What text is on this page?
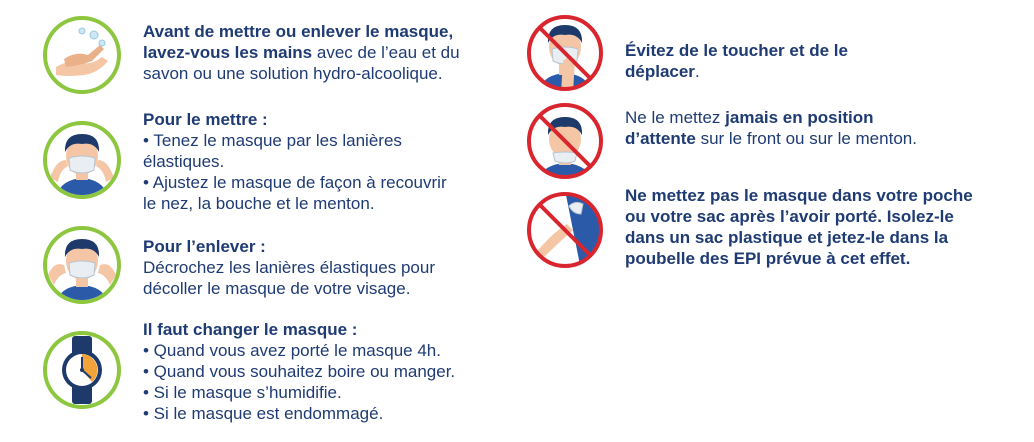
Avant de mettre ou enlever le masque,
lavez-vous les mains avec de l’eau et du
savon ou une solution hydro-alcoolique.
Pour le mettre :
• Tenez le masque par les lanières
élastiques.
• Ajustez le masque de façon à recouvrir
le nez, la bouche et le menton.
Pour l’enlever :
Décrochez les lanières élastiques pour
décoller le masque de votre visage.
Il faut changer le masque :
• Quand vous avez porté le masque 4h.
• Quand vous souhaitez boire ou manger.
• Si le masque s’humidifie.
• Si le masque est endommagé.
Évitez de le toucher et de le
déplacer.
Ne le mettez jamais en position
d’attente sur le front ou sur le menton.
Ne mettez pas le masque dans votre poche
ou votre sac après l’avoir porté. Isolez-le
dans un sac plastique et jetez-le dans la
poubelle des EPI prévue à cet effet.
